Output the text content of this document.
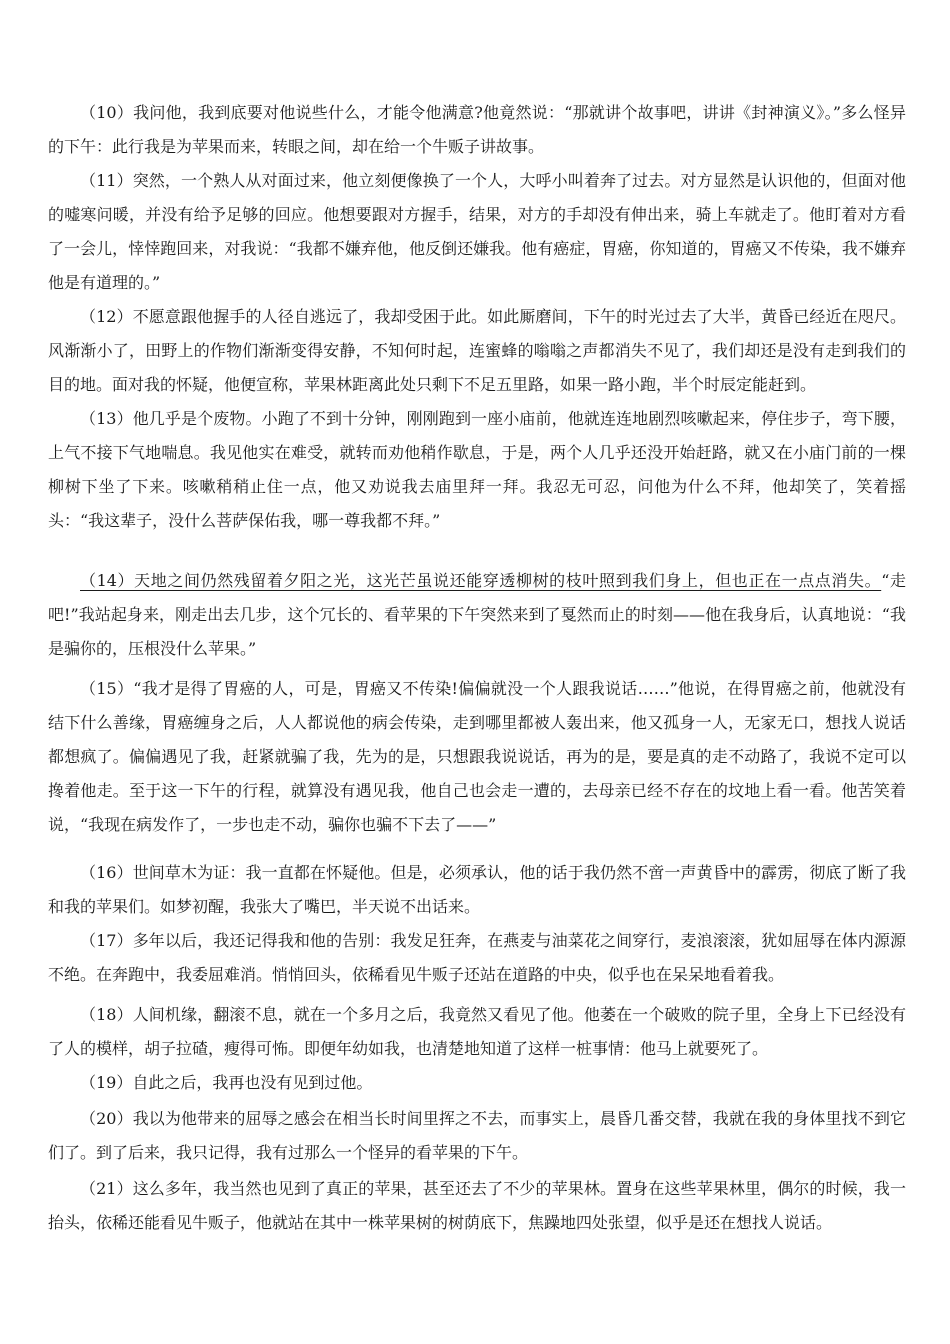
（10）我问他，我到底要对他说些什么，才能令他满意?他竟然说：“那就讲个故事吧，讲讲《封神演义》。”多么怪异的下午：此行我是为苹果而来，转眼之间，却在给一个牛贩子讲故事。

（11）突然，一个熟人从对面过来，他立刻便像换了一个人，大呼小叫着奔了过去。对方显然是认识他的，但面对他的嘘寒问暖，并没有给予足够的回应。他想要跟对方握手，结果，对方的手却没有伸出来，骑上车就走了。他盯着对方看了一会儿，悻悻跑回来，对我说：“我都不嫌弃他，他反倒还嫌我。他有癌症，胃癌，你知道的，胃癌又不传染，我不嫌弃他是有道理的。”

（12）不愿意跟他握手的人径自逃远了，我却受困于此。如此厮磨间，下午的时光过去了大半，黄昏已经近在咫尺。风渐渐小了，田野上的作物们渐渐变得安静，不知何时起，连蜜蜂的嗡嗡之声都消失不见了，我们却还是没有走到我们的目的地。面对我的怀疑，他便宣称，苹果林距离此处只剩下不足五里路，如果一路小跑，半个时辰定能赶到。

（13）他几乎是个废物。小跑了不到十分钟，刚刚跑到一座小庙前，他就连连地剧烈咳嗽起来，停住步子，弯下腰，上气不接下气地喘息。我见他实在难受，就转而劝他稍作歇息，于是，两个人几乎还没开始赶路，就又在小庙门前的一棵柳树下坐了下来。咳嗽稍稍止住一点，他又劝说我去庙里拜一拜。我忍无可忍，问他为什么不拜，他却笑了，笑着摇头：“我这辈子，没什么菩萨保佑我，哪一尊我都不拜。”

（14）天地之间仍然残留着夕阳之光，这光芒虽说还能穿透柳树的枝叶照到我们身上，但也正在一点点消失。“走吧!”我站起身来，刚走出去几步，这个冗长的、看苹果的下午突然来到了戛然而止的时刻——他在我身后，认真地说：“我是骗你的，压根没什么苹果。”

（15）“我才是得了胃癌的人，可是，胃癌又不传染!偏偏就没一个人跟我说话……”他说，在得胃癌之前，他就没有结下什么善缘，胃癌缠身之后，人人都说他的病会传染，走到哪里都被人轰出来，他又孤身一人，无家无口，想找人说话都想疯了。偏偏遇见了我，赶紧就骗了我，先为的是，只想跟我说说话，再为的是，要是真的走不动路了，我说不定可以搀着他走。至于这一下午的行程，就算没有遇见我，他自己也会走一遭的，去母亲已经不存在的坟地上看一看。他苦笑着说，“我现在病发作了，一步也走不动，骗你也骗不下去了——”

（16）世间草木为证：我一直都在怀疑他。但是，必须承认，他的话于我仍然不啻一声黄昏中的霹雳，彻底了断了我和我的苹果们。如梦初醒，我张大了嘴巴，半天说不出话来。

（17）多年以后，我还记得我和他的告别：我发足狂奔，在燕麦与油菜花之间穿行，麦浪滚滚，犹如屈辱在体内源源不绝。在奔跑中，我委屈难消。悄悄回头，依稀看见牛贩子还站在道路的中央，似乎也在呆呆地看着我。

（18）人间机缘，翻滚不息，就在一个多月之后，我竟然又看见了他。他萎在一个破败的院子里，全身上下已经没有了人的模样，胡子拉碴，瘦得可怖。即便年幼如我，也清楚地知道了这样一桩事情：他马上就要死了。

（19）自此之后，我再也没有见到过他。

（20）我以为他带来的屈辱之感会在相当长时间里挥之不去，而事实上，晨昏几番交替，我就在我的身体里找不到它们了。到了后来，我只记得，我有过那么一个怪异的看苹果的下午。

（21）这么多年，我当然也见到了真正的苹果，甚至还去了不少的苹果林。置身在这些苹果林里，偶尔的时候，我一抬头，依稀还能看见牛贩子，他就站在其中一株苹果树的树荫底下，焦躁地四处张望，似乎是还在想找人说话。
